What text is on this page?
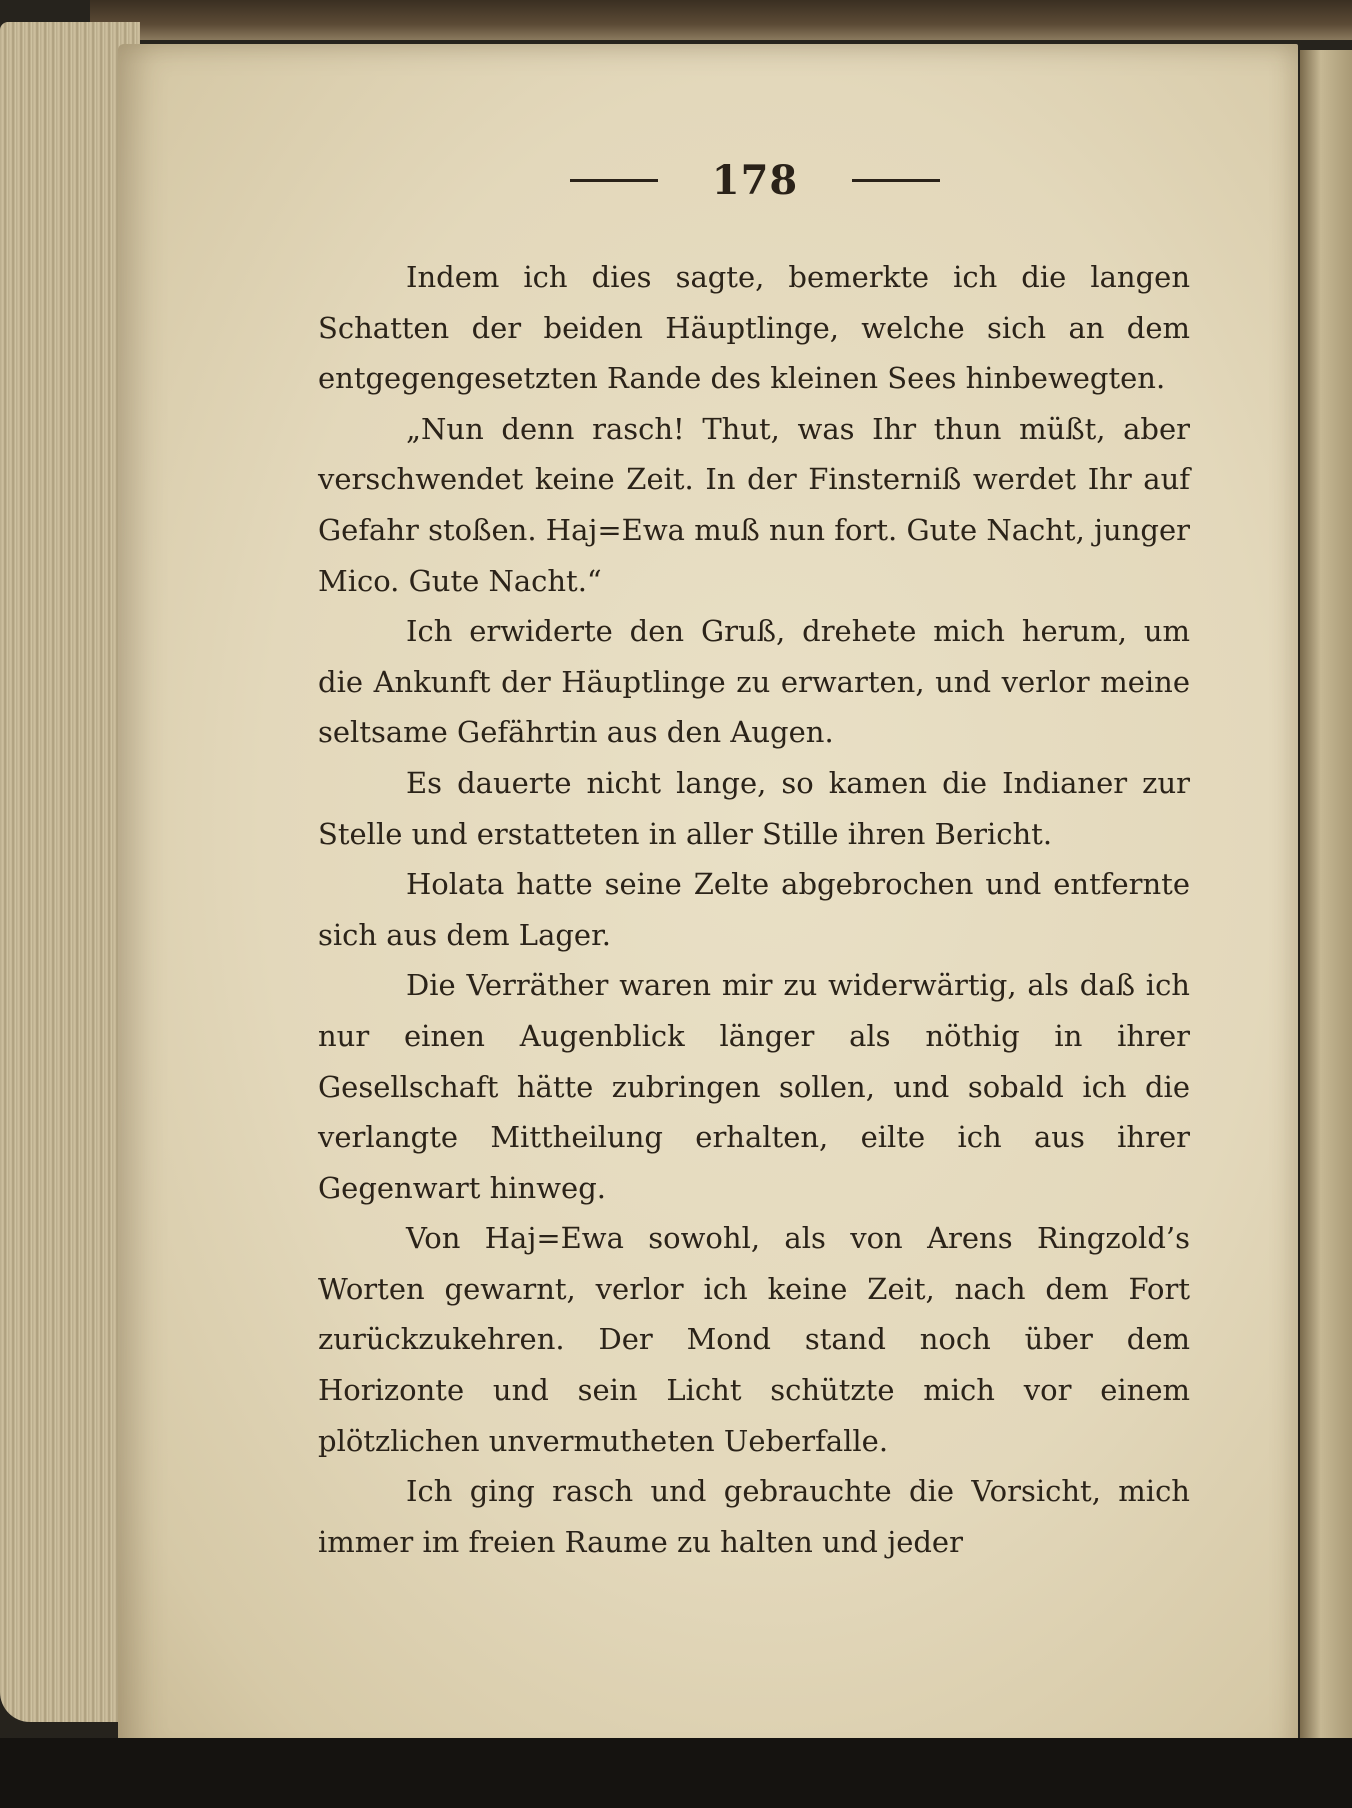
178

Indem ich dies sagte, bemerkte ich die langen Schatten der beiden Häuptlinge, welche sich an dem entgegengesetzten Rande des kleinen Sees hinbewegten.

„Nun denn rasch! Thut, was Ihr thun müßt, aber verschwendet keine Zeit. In der Finsterniß werdet Ihr auf Gefahr stoßen. Haj=Ewa muß nun fort. Gute Nacht, junger Mico. Gute Nacht.“

Ich erwiderte den Gruß, drehete mich herum, um die Ankunft der Häuptlinge zu erwarten, und verlor meine seltsame Gefährtin aus den Augen.

Es dauerte nicht lange, so kamen die Indianer zur Stelle und erstatteten in aller Stille ihren Bericht.

Holata hatte seine Zelte abgebrochen und entfernte sich aus dem Lager.

Die Verräther waren mir zu widerwärtig, als daß ich nur einen Augenblick länger als nöthig in ihrer Gesellschaft hätte zubringen sollen, und sobald ich die verlangte Mittheilung erhalten, eilte ich aus ihrer Gegenwart hinweg.

Von Haj=Ewa sowohl, als von Arens Ringzold’s Worten gewarnt, verlor ich keine Zeit, nach dem Fort zurückzukehren. Der Mond stand noch über dem Horizonte und sein Licht schützte mich vor einem plötzlichen unvermutheten Ueberfalle.

Ich ging rasch und gebrauchte die Vorsicht, mich immer im freien Raume zu halten und jeder
